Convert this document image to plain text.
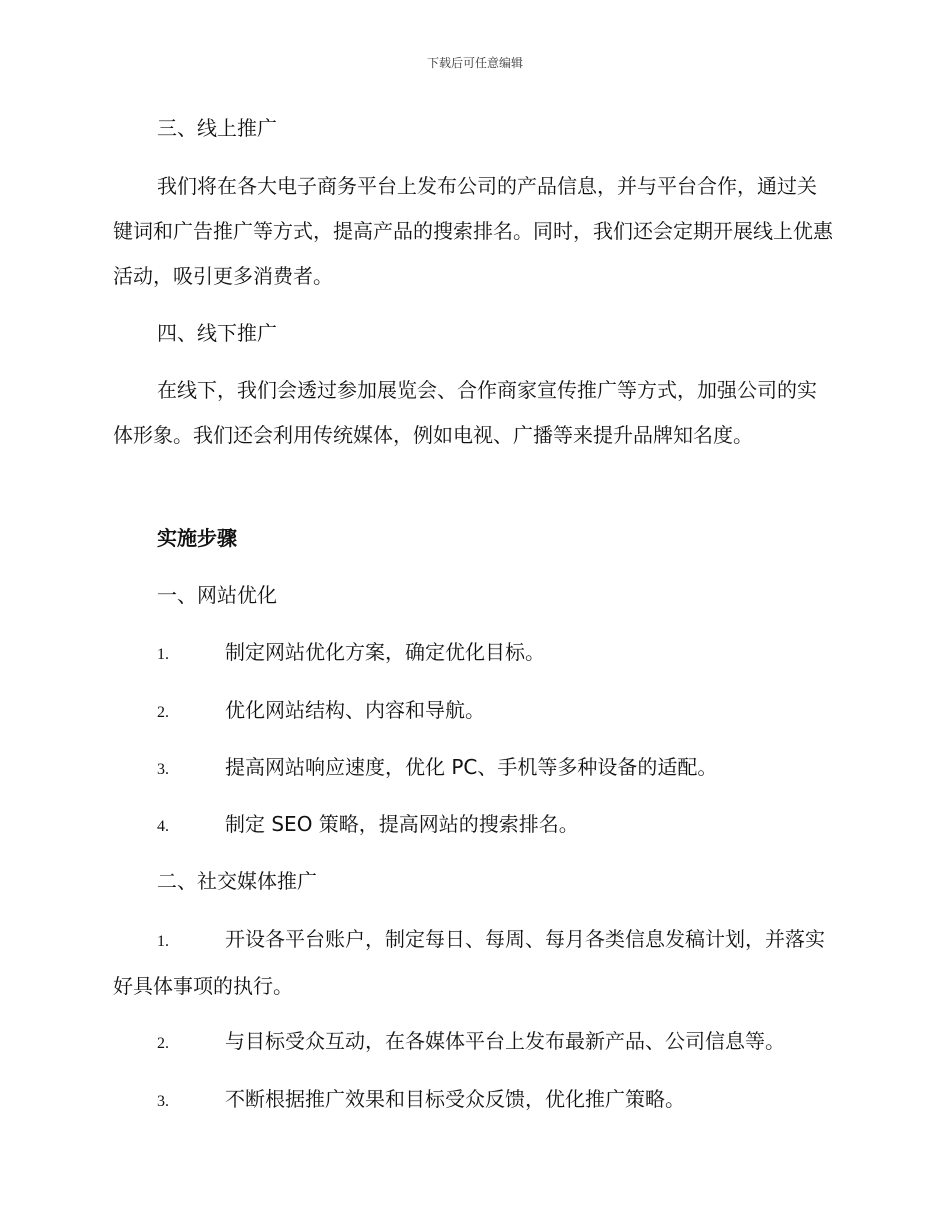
下载后可任意编辑
三、线上推广
我们将在各大电子商务平台上发布公司的产品信息，并与平台合作，通过关键词和广告推广等方式，提高产品的搜索排名。同时，我们还会定期开展线上优惠活动，吸引更多消费者。
四、线下推广
在线下，我们会透过参加展览会、合作商家宣传推广等方式，加强公司的实体形象。我们还会利用传统媒体，例如电视、广播等来提升品牌知名度。
实施步骤
一、网站优化
1.	制定网站优化方案，确定优化目标。
2.	优化网站结构、内容和导航。
3.	提高网站响应速度，优化 PC、手机等多种设备的适配。
4.	制定 SEO 策略，提高网站的搜索排名。
二、社交媒体推广
1.	开设各平台账户，制定每日、每周、每月各类信息发稿计划，并落实好具体事项的执行。
2.	与目标受众互动，在各媒体平台上发布最新产品、公司信息等。
3.	不断根据推广效果和目标受众反馈，优化推广策略。
